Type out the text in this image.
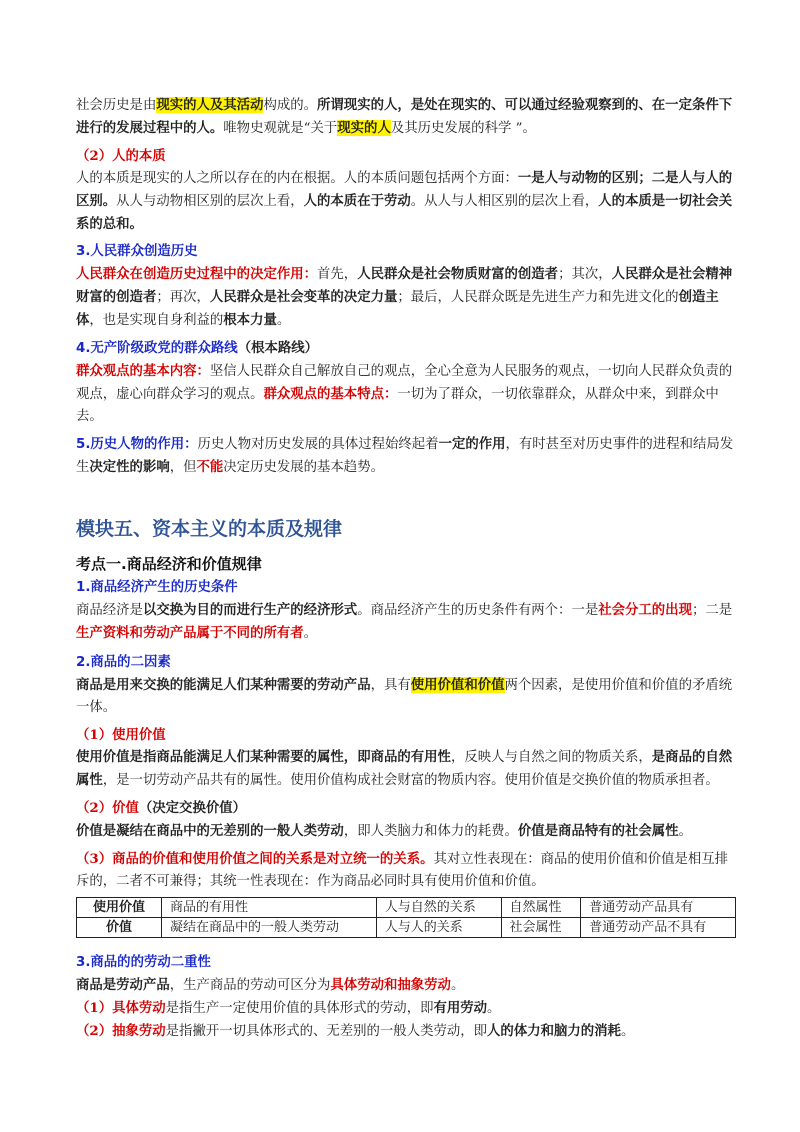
社会历史是由现实的人及其活动构成的。所谓现实的人，是处在现实的、可以通过经验观察到的、在一定条件下进行的发展过程中的人。唯物史观就是“关于现实的人及其历史发展的科学 ”。

（2）人的本质

人的本质是现实的人之所以存在的内在根据。人的本质问题包括两个方面：一是人与动物的区别；二是人与人的区别。从人与动物相区别的层次上看，人的本质在于劳动。从人与人相区别的层次上看，人的本质是一切社会关系的总和。

3.人民群众创造历史

人民群众在创造历史过程中的决定作用：首先，人民群众是社会物质财富的创造者；其次，人民群众是社会精神财富的创造者；再次，人民群众是社会变革的决定力量；最后，人民群众既是先进生产力和先进文化的创造主体，也是实现自身利益的根本力量。

4.无产阶级政党的群众路线（根本路线）

群众观点的基本内容：坚信人民群众自己解放自己的观点，全心全意为人民服务的观点，一切向人民群众负责的观点，虚心向群众学习的观点。群众观点的基本特点：一切为了群众，一切依靠群众，从群众中来，到群众中去。

5.历史人物的作用：历史人物对历史发展的具体过程始终起着一定的作用，有时甚至对历史事件的进程和结局发生决定性的影响，但不能决定历史发展的基本趋势。

模块五、资本主义的本质及规律
考点一.商品经济和价值规律

1.商品经济产生的历史条件

商品经济是以交换为目的而进行生产的经济形式。商品经济产生的历史条件有两个：一是社会分工的出现；二是生产资料和劳动产品属于不同的所有者。

2.商品的二因素

商品是用来交换的能满足人们某种需要的劳动产品，具有使用价值和价值两个因素，是使用价值和价值的矛盾统一体。

（1）使用价值

使用价值是指商品能满足人们某种需要的属性，即商品的有用性，反映人与自然之间的物质关系，是商品的自然属性，是一切劳动产品共有的属性。使用价值构成社会财富的物质内容。使用价值是交换价值的物质承担者。

（2）价值（决定交换价值）

价值是凝结在商品中的无差别的一般人类劳动，即人类脑力和体力的耗费。价值是商品特有的社会属性。

（3）商品的价值和使用价值之间的关系是对立统一的关系。其对立性表现在：商品的使用价值和价值是相互排斥的，二者不可兼得；其统一性表现在：作为商品必同时具有使用价值和价值。

使用价值	商品的有用性	人与自然的关系	自然属性	普通劳动产品具有
价值	凝结在商品中的一般人类劳动	人与人的关系	社会属性	普通劳动产品不具有

3.商品的的劳动二重性

商品是劳动产品，生产商品的劳动可区分为具体劳动和抽象劳动。

（1）具体劳动是指生产一定使用价值的具体形式的劳动，即有用劳动。

（2）抽象劳动是指撇开一切具体形式的、无差别的一般人类劳动，即人的体力和脑力的消耗。
